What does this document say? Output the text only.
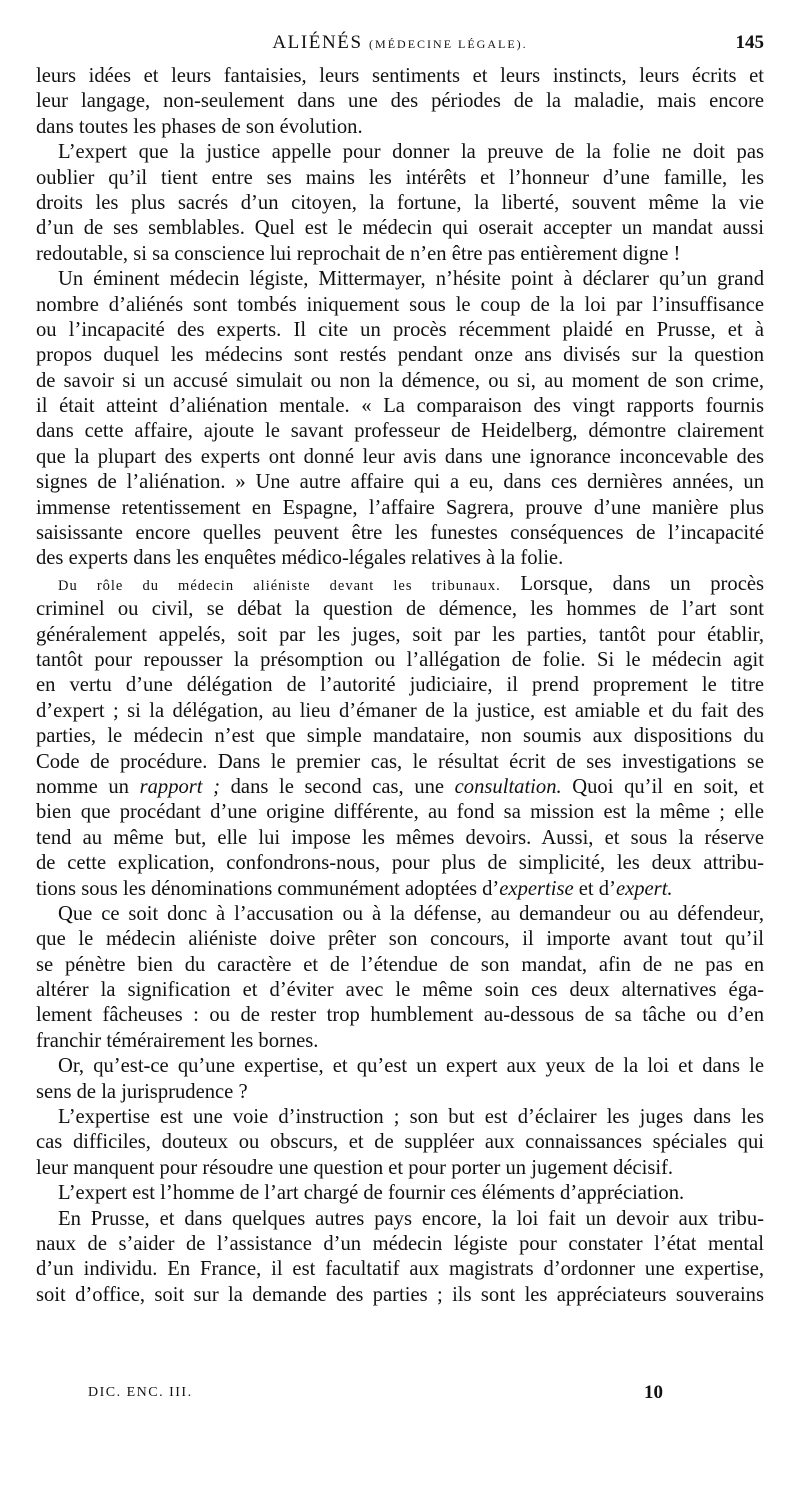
ALIÉNÉS (MÉDECINE LÉGALE).	145
leurs idées et leurs fantaisies, leurs sentiments et leurs instincts, leurs écrits et
leur langage, non-seulement dans une des périodes de la maladie, mais encore
dans toutes les phases de son évolution.
L’expert que la justice appelle pour donner la preuve de la folie ne doit pas
oublier qu’il tient entre ses mains les intérêts et l’honneur d’une famille, les
droits les plus sacrés d’un citoyen, la fortune, la liberté, souvent même la vie
d’un de ses semblables. Quel est le médecin qui oserait accepter un mandat aussi
redoutable, si sa conscience lui reprochait de n’en être pas entièrement digne !
Un éminent médecin légiste, Mittermayer, n’hésite point à déclarer qu’un grand
nombre d’aliénés sont tombés iniquement sous le coup de la loi par l’insuffisance
ou l’incapacité des experts. Il cite un procès récemment plaidé en Prusse, et à
propos duquel les médecins sont restés pendant onze ans divisés sur la question
de savoir si un accusé simulait ou non la démence, ou si, au moment de son crime,
il était atteint d’aliénation mentale. « La comparaison des vingt rapports fournis
dans cette affaire, ajoute le savant professeur de Heidelberg, démontre clairement
que la plupart des experts ont donné leur avis dans une ignorance inconcevable des
signes de l’aliénation. » Une autre affaire qui a eu, dans ces dernières années, un
immense retentissement en Espagne, l’affaire Sagrera, prouve d’une manière plus
saisissante encore quelles peuvent être les funestes conséquences de l’incapacité
des experts dans les enquêtes médico-légales relatives à la folie.
Du rôle du médecin aliéniste devant les tribunaux. Lorsque, dans un procès
criminel ou civil, se débat la question de démence, les hommes de l’art sont
généralement appelés, soit par les juges, soit par les parties, tantôt pour établir,
tantôt pour repousser la présomption ou l’allégation de folie. Si le médecin agit
en vertu d’une délégation de l’autorité judiciaire, il prend proprement le titre
d’expert ; si la délégation, au lieu d’émaner de la justice, est amiable et du fait des
parties, le médecin n’est que simple mandataire, non soumis aux dispositions du
Code de procédure. Dans le premier cas, le résultat écrit de ses investigations se
nomme un rapport ; dans le second cas, une consultation. Quoi qu’il en soit, et
bien que procédant d’une origine différente, au fond sa mission est la même ; elle
tend au même but, elle lui impose les mêmes devoirs. Aussi, et sous la réserve
de cette explication, confondrons-nous, pour plus de simplicité, les deux attribu-
tions sous les dénominations communément adoptées d’expertise et d’expert.
Que ce soit donc à l’accusation ou à la défense, au demandeur ou au défendeur,
que le médecin aliéniste doive prêter son concours, il importe avant tout qu’il
se pénètre bien du caractère et de l’étendue de son mandat, afin de ne pas en
altérer la signification et d’éviter avec le même soin ces deux alternatives éga-
lement fâcheuses : ou de rester trop humblement au-dessous de sa tâche ou d’en
franchir témérairement les bornes.
Or, qu’est-ce qu’une expertise, et qu’est un expert aux yeux de la loi et dans le
sens de la jurisprudence ?
L’expertise est une voie d’instruction ; son but est d’éclairer les juges dans les
cas difficiles, douteux ou obscurs, et de suppléer aux connaissances spéciales qui
leur manquent pour résoudre une question et pour porter un jugement décisif.
L’expert est l’homme de l’art chargé de fournir ces éléments d’appréciation.
En Prusse, et dans quelques autres pays encore, la loi fait un devoir aux tribu-
naux de s’aider de l’assistance d’un médecin légiste pour constater l’état mental
d’un individu. En France, il est facultatif aux magistrats d’ordonner une expertise,
soit d’office, soit sur la demande des parties ; ils sont les appréciateurs souverains
DIC. ENC. III.	10
